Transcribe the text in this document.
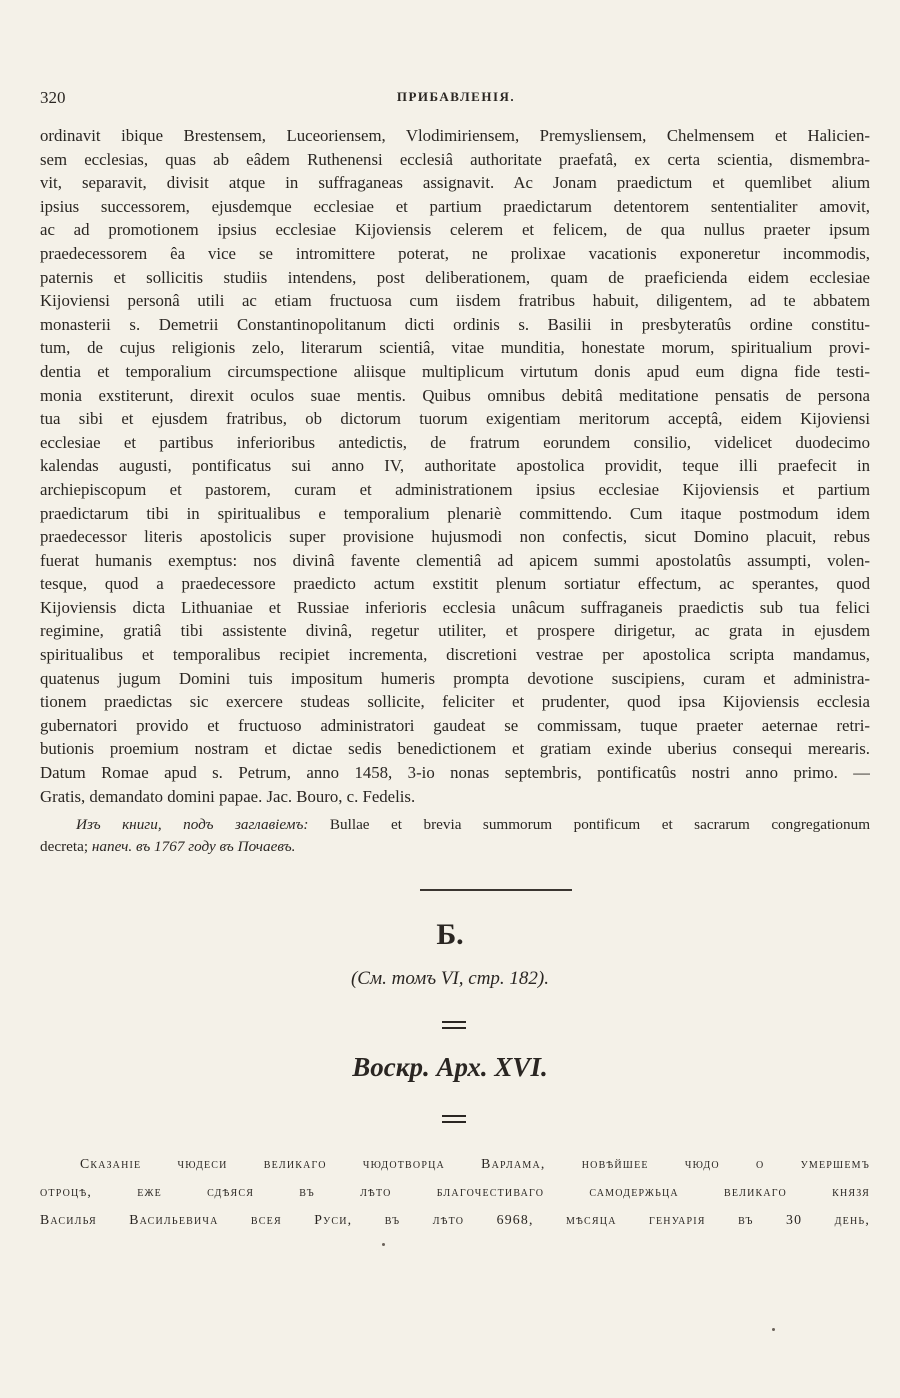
320	ПРИБАВЛЕНІЯ.
ordinavit ibique Brestensem, Luceoriensem, Vlodimiriensem, Premysliensem, Chelmensem et Halicien-
sem ecclesias, quas ab eâdem Ruthenensi ecclesiâ authoritate praefatâ, ex certa scientia, dismembra-
vit, separavit, divisit atque in suffraganeas assignavit. Ac Jonam praedictum et quemlibet alium
ipsius successorem, ejusdemque ecclesiae et partium praedictarum detentorem sententialiter amovit,
ac ad promotionem ipsius ecclesiae Kijoviensis celerem et felicem, de qua nullus praeter ipsum
praedecessorem êa vice se intromittere poterat, ne prolixae vacationis exponeretur incommodis,
paternis et sollicitis studiis intendens, post deliberationem, quam de praeficienda eidem ecclesiae
Kijoviensi personâ utili ac etiam fructuosa cum iisdem fratribus habuit, diligentem, ad te abbatem
monasterii s. Demetrii Constantinopolitanum dicti ordinis s. Basilii in presbyteratûs ordine constitu-
tum, de cujus religionis zelo, literarum scientiâ, vitae munditia, honestate morum, spiritualium provi-
dentia et temporalium circumspectione aliisque multiplicum virtutum donis apud eum digna fide testi-
monia exstiterunt, direxit oculos suae mentis. Quibus omnibus debitâ meditatione pensatis de persona
tua sibi et ejusdem fratribus, ob dictorum tuorum exigentiam meritorum acceptâ, eidem Kijoviensi
ecclesiae et partibus inferioribus antedictis, de fratrum eorundem consilio, videlicet duodecimo
kalendas augusti, pontificatus sui anno IV, authoritate apostolica providit, teque illi praefecit in
archiepiscopum et pastorem, curam et administrationem ipsius ecclesiae Kijoviensis et partium
praedictarum tibi in spiritualibus e temporalium plenariè committendo. Cum itaque postmodum idem
praedecessor literis apostolicis super provisione hujusmodi non confectis, sicut Domino placuit, rebus
fuerat humanis exemptus: nos divinâ favente clementiâ ad apicem summi apostolatûs assumpti, volen-
tesque, quod a praedecessore praedicto actum exstitit plenum sortiatur effectum, ac sperantes, quod
Kijoviensis dicta Lithuaniae et Russiae inferioris ecclesia unâcum suffraganeis praedictis sub tua felici
regimine, gratiâ tibi assistente divinâ, regetur utiliter, et prospere dirigetur, ac grata in ejusdem
spiritualibus et temporalibus recipiet incrementa, discretioni vestrae per apostolica scripta mandamus,
quatenus jugum Domini tuis impositum humeris prompta devotione suscipiens, curam et administra-
tionem praedictas sic exercere studeas sollicite, feliciter et prudenter, quod ipsa Kijoviensis ecclesia
gubernatori provido et fructuoso administratori gaudeat se commissam, tuque praeter aeternae retri-
butionis proemium nostram et dictae sedis benedictionem et gratiam exinde uberius consequi merearis.
Datum Romae apud s. Petrum, anno 1458, 3-io nonas septembris, pontificatûs nostri anno primo. —
Gratis, demandato domini papae. Jac. Bouro, c. Fedelis.
Изъ книги, подъ заглавіемъ: Bullae et brevia summorum pontificum et sacrarum congregationum
decreta; напеч. въ 1767 году въ Почаевъ.
Б.
(См. томъ VI, стр. 182).
Воскр. Арх. XVI.
Сказаніе чюдеси великаго чюдотворца Варлама, новѣйшее чюдо о умершемъ
отроцѣ, еже сдѣяся въ лѣто благочестиваго самодержьца великаго князя
Василья Васильевича всея Руси, въ лѣто 6968, мѣсяца генуарія въ 30 день,
